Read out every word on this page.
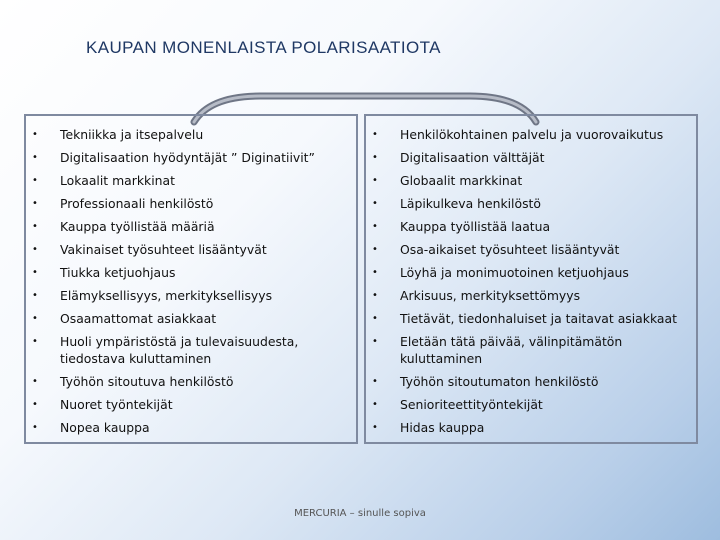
KAUPAN MONENLAISTA POLARISAATIOTA
• Tekniikka ja itsepalvelu
• Digitalisaation hyödyntäjät ” Diginatiivit”
• Lokaalit markkinat
• Professionaali henkilöstö
• Kauppa työllistää määriä
• Vakinaiset työsuhteet lisääntyvät
• Tiukka ketjuohjaus
• Elämyksellisyys, merkityksellisyys
• Osaamattomat asiakkaat
• Huoli ympäristöstä ja tulevaisuudesta, tiedostava kuluttaminen
• Työhön sitoutuva henkilöstö
• Nuoret työntekijät
• Nopea kauppa
• Henkilökohtainen palvelu ja vuorovaikutus
• Digitalisaation välttäjät
• Globaalit markkinat
• Läpikulkeva henkilöstö
• Kauppa työllistää laatua
• Osa-aikaiset työsuhteet lisääntyvät
• Löyhä ja monimuotoinen ketjuohjaus
• Arkisuus, merkityksettömyys
• Tietävät, tiedonhaluiset ja taitavat asiakkaat
• Eletään tätä päivää, välinpitämätön kuluttaminen
• Työhön sitoutumaton henkilöstö
• Senioriteettityöntekijät
• Hidas kauppa
MERCURIA – sinulle sopiva
